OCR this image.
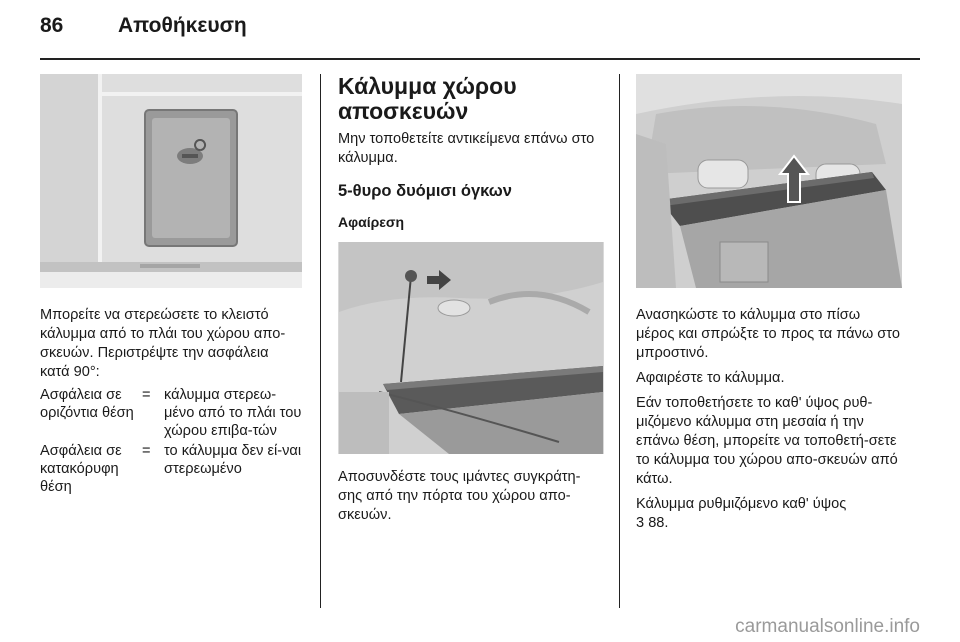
86	Αποθήκευση

Μπορείτε να στερεώσετε το κλειστό κάλυμμα από το πλάι του χώρου απο-σκευών. Περιστρέψτε την ασφάλεια κατά 90°:

Ασφάλεια σε οριζόντια θέση
= κάλυμμα στερεω-μένο από το πλάι του χώρου επιβα-τών
Ασφάλεια σε κατακόρυφη θέση
= το κάλυμμα δεν εί-ναι στερεωμένο
Κάλυμμα χώρου αποσκευών

Μην τοποθετείτε αντικείμενα επάνω στο κάλυμμα.

5-θυρο δυόμισι όγκων
Αφαίρεση

Αποσυνδέστε τους ιμάντες συγκράτη-σης από την πόρτα του χώρου απο-σκευών.

Ανασηκώστε το κάλυμμα στο πίσω μέρος και σπρώξτε το προς τα πάνω στο μπροστινό.

Αφαιρέστε το κάλυμμα.

Εάν τοποθετήσετε το καθ' ύψος ρυθ-μιζόμενο κάλυμμα στη μεσαία ή την επάνω θέση, μπορείτε να τοποθετή-σετε το κάλυμμα του χώρου απο-σκευών από κάτω.

Κάλυμμα ρυθμιζόμενο καθ' ύψος
3 88.

carmanualsonline.info
